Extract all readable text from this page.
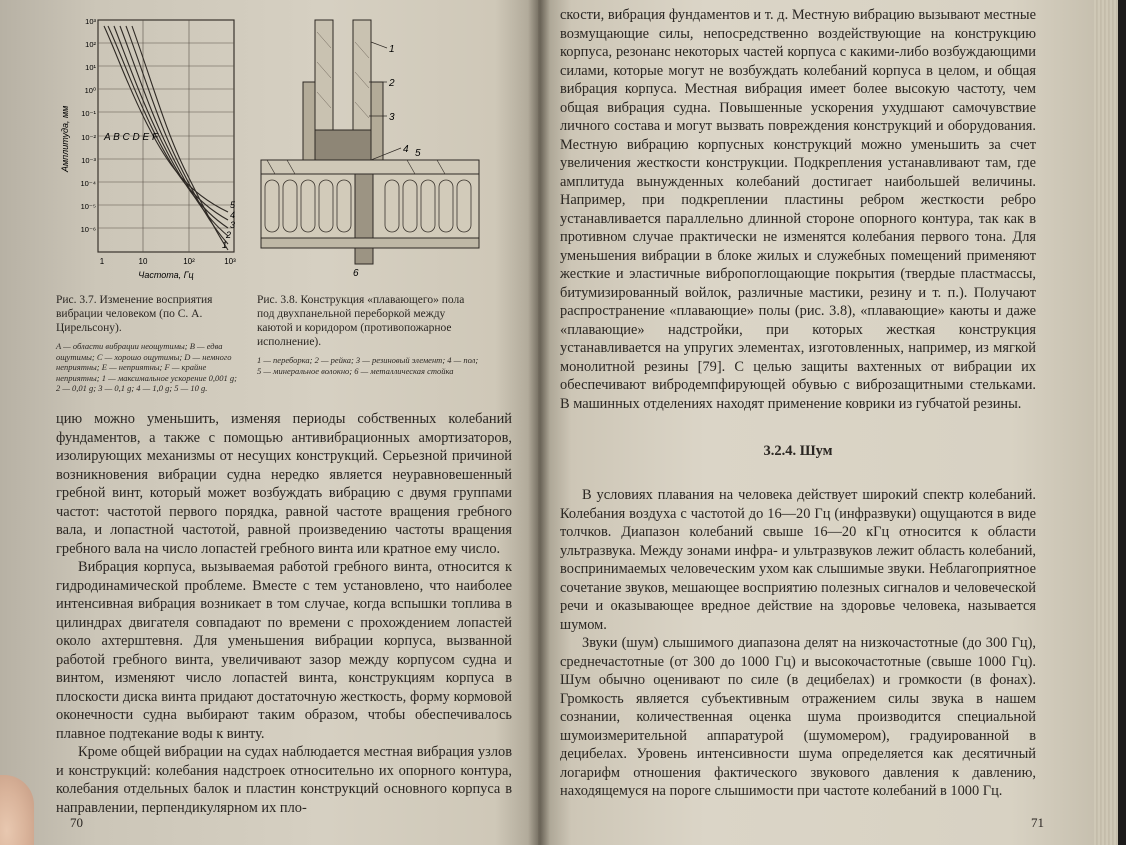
A B C D E F
5
4
3
2
1
10³
10²
10¹
10⁰
10⁻¹
10⁻²
10⁻³
10⁻⁴
10⁻⁵
10⁻⁶
Амплитуда, мм
1	10	10²	10³
Частота, Гц
Рис. 3.7. Изменение восприятия вибрации человеком (по С. А. Цирельсону).
A — области вибрации неощутимы; B — едва ощутимы; C — хорошо ощутимы; D — немного неприятны; E — неприятны; F — крайне неприятны; 1 — максимальное ускорение 0,001 g; 2 — 0,01 g; 3 — 0,1 g; 4 — 1,0 g; 5 — 10 g.
1
2
3
4 5
6
Рис. 3.8. Конструкция «плавающего» пола под двухпанельной переборкой между каютой и коридором (противопожарное исполнение).
1 — переборка; 2 — рейка; 3 — резиновый элемент; 4 — пол; 5 — минеральное волокно; 6 — металлическая стойка

цию можно уменьшить, изменяя периоды собственных колебаний фундаментов, а также с помощью антивибрационных амортизаторов, изолирующих механизмы от несущих конструкций. Серьезной причиной возникновения вибрации судна нередко является неуравновешенный гребной винт, который может возбуждать вибрацию с двумя группами частот: частотой первого порядка, равной частоте вращения гребного вала, и лопастной частотой, равной произведению частоты вращения гребного вала на число лопастей гребного винта или кратное ему число.

Вибрация корпуса, вызываемая работой гребного винта, относится к гидродинамической проблеме. Вместе с тем установлено, что наиболее интенсивная вибрация возникает в том случае, когда вспышки топлива в цилиндрах двигателя совпадают по времени с прохождением лопастей около ахтерштевня. Для уменьшения вибрации корпуса, вызванной работой гребного винта, увеличивают зазор между корпусом судна и винтом, изменяют число лопастей винта, конструкциям корпуса в плоскости диска винта придают достаточную жесткость, форму кормовой оконечности судна выбирают таким образом, чтобы обеспечивалось плавное подтекание воды к винту.

Кроме общей вибрации на судах наблюдается местная вибрация узлов и конструкций: колебания надстроек относительно их опорного контура, колебания отдельных балок и пластин конструкций основного корпуса в направлении, перпендикулярном их пло-

70

скости, вибрация фундаментов и т. д. Местную вибрацию вызывают местные возмущающие силы, непосредственно воздействующие на конструкцию корпуса, резонанс некоторых частей корпуса с какими-либо возбуждающими силами, которые могут не возбуждать колебаний корпуса в целом, и общая вибрация корпуса. Местная вибрация имеет более высокую частоту, чем общая вибрация судна. Повышенные ускорения ухудшают самочувствие личного состава и могут вызвать повреждения конструкций и оборудования. Местную вибрацию корпусных конструкций можно уменьшить за счет увеличения жесткости конструкции. Подкрепления устанавливают там, где амплитуда вынужденных колебаний достигает наибольшей величины. Например, при подкреплении пластины ребром жесткости ребро устанавливается параллельно длинной стороне опорного контура, так как в противном случае практически не изменятся колебания первого тона. Для уменьшения вибрации в блоке жилых и служебных помещений применяют жесткие и эластичные вибропоглощающие покрытия (твердые пластмассы, битумизированный войлок, различные мастики, резину и т. п.). Получают распространение «плавающие» полы (рис. 3.8), «плавающие» каюты и даже «плавающие» надстройки, при которых жесткая конструкция устанавливается на упругих элементах, изготовленных, например, из мягкой монолитной резины [79]. С целью защиты вахтенных от вибрации их обеспечивают вибродемпфирующей обувью с виброзащитными стельками. В машинных отделениях находят применение коврики из губчатой резины.

3.2.4. Шум

В условиях плавания на человека действует широкий спектр колебаний. Колебания воздуха с частотой до 16—20 Гц (инфразвуки) ощущаются в виде толчков. Диапазон колебаний свыше 16—20 кГц относится к области ультразвука. Между зонами инфра- и ультразвуков лежит область колебаний, воспринимаемых человеческим ухом как слышимые звуки. Неблагоприятное сочетание звуков, мешающее восприятию полезных сигналов и человеческой речи и оказывающее вредное действие на здоровье человека, называется шумом.

Звуки (шум) слышимого диапазона делят на низкочастотные (до 300 Гц), среднечастотные (от 300 до 1000 Гц) и высокочастотные (свыше 1000 Гц). Шум обычно оценивают по силе (в децибелах) и громкости (в фонах). Громкость является субъективным отражением силы звука в нашем сознании, количественная оценка шума производится специальной шумоизмерительной аппаратурой (шумомером), градуированной в децибелах. Уровень интенсивности шума определяется как десятичный логарифм отношения фактического звукового давления к давлению, находящемуся на пороге слышимости при частоте колебаний в 1000 Гц.

71
